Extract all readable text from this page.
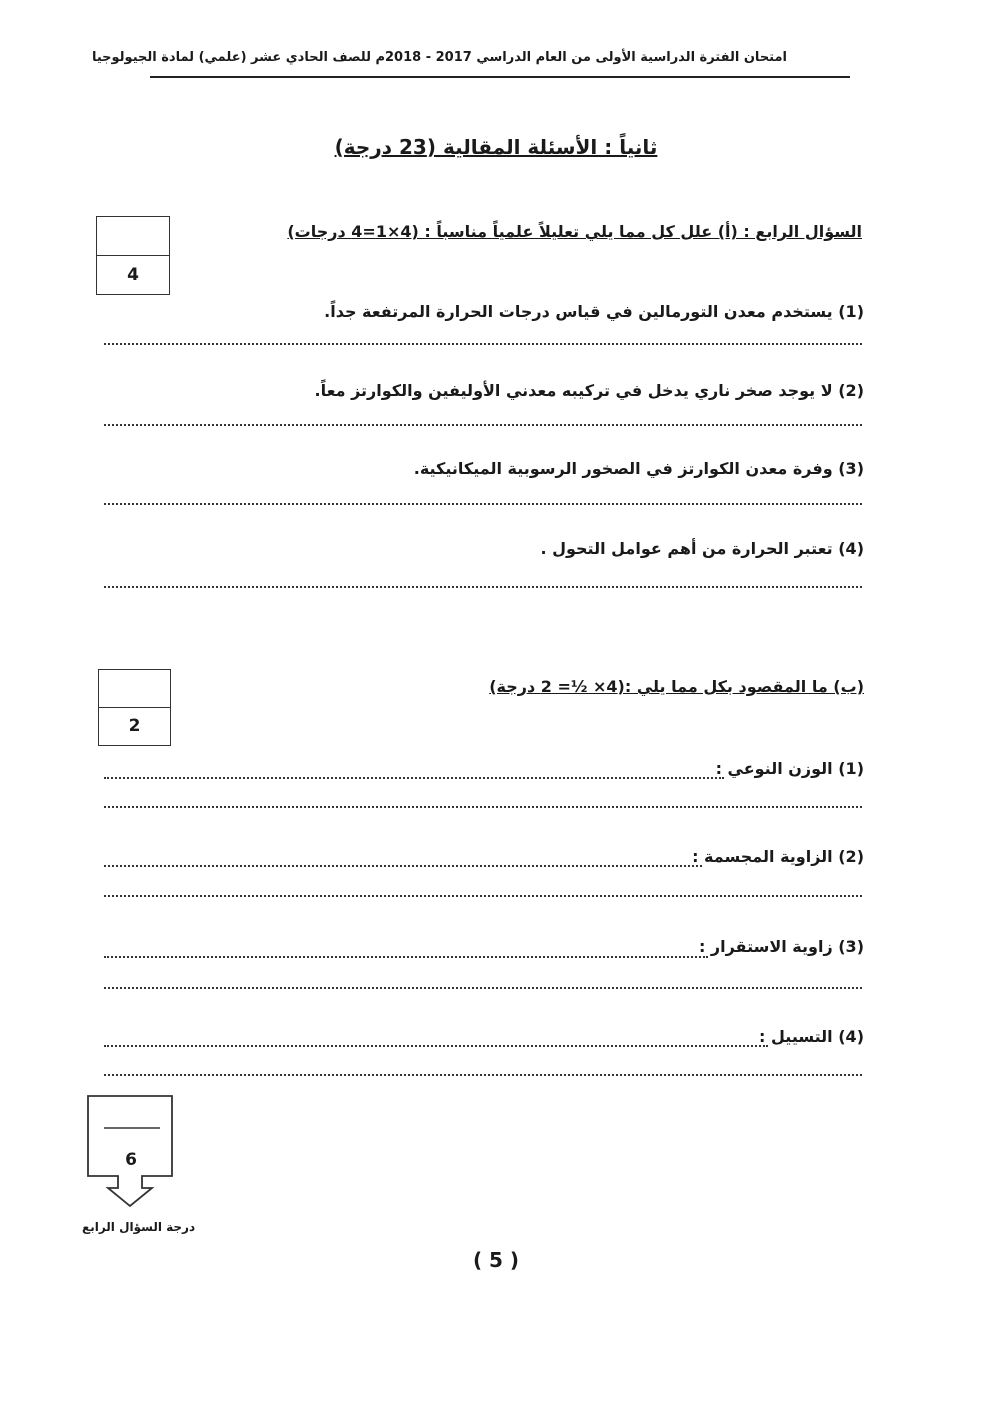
امتحان الفترة الدراسية الأولى من العام الدراسي 2017 - 2018م للصف الحادي عشر (علمي) لمادة الجيولوجيا
ثانياً : الأسئلة المقالية (23 درجة)
4
السؤال الرابع : (أ) علل كل مما يلي تعليلاً علمياً مناسباً : (4×1=4 درجات)
(1) يستخدم معدن التورمالين في قياس درجات الحرارة المرتفعة جداً.
(2) لا يوجد صخر ناري يدخل في تركيبه معدني الأوليفين والكوارتز معاً.
(3) وفرة معدن الكوارتز في الصخور الرسوبية الميكانيكية.
(4) تعتبر الحرارة من أهم عوامل التحول .
2
(ب) ما المقصود بكل مما يلي :(4× ½= 2 درجة)
(1) الوزن النوعي :
(2) الزاوية المجسمة :
(3) زاوية الاستقرار :
(4) التسييل :
6
درجة السؤال الرابع
( 5 )
